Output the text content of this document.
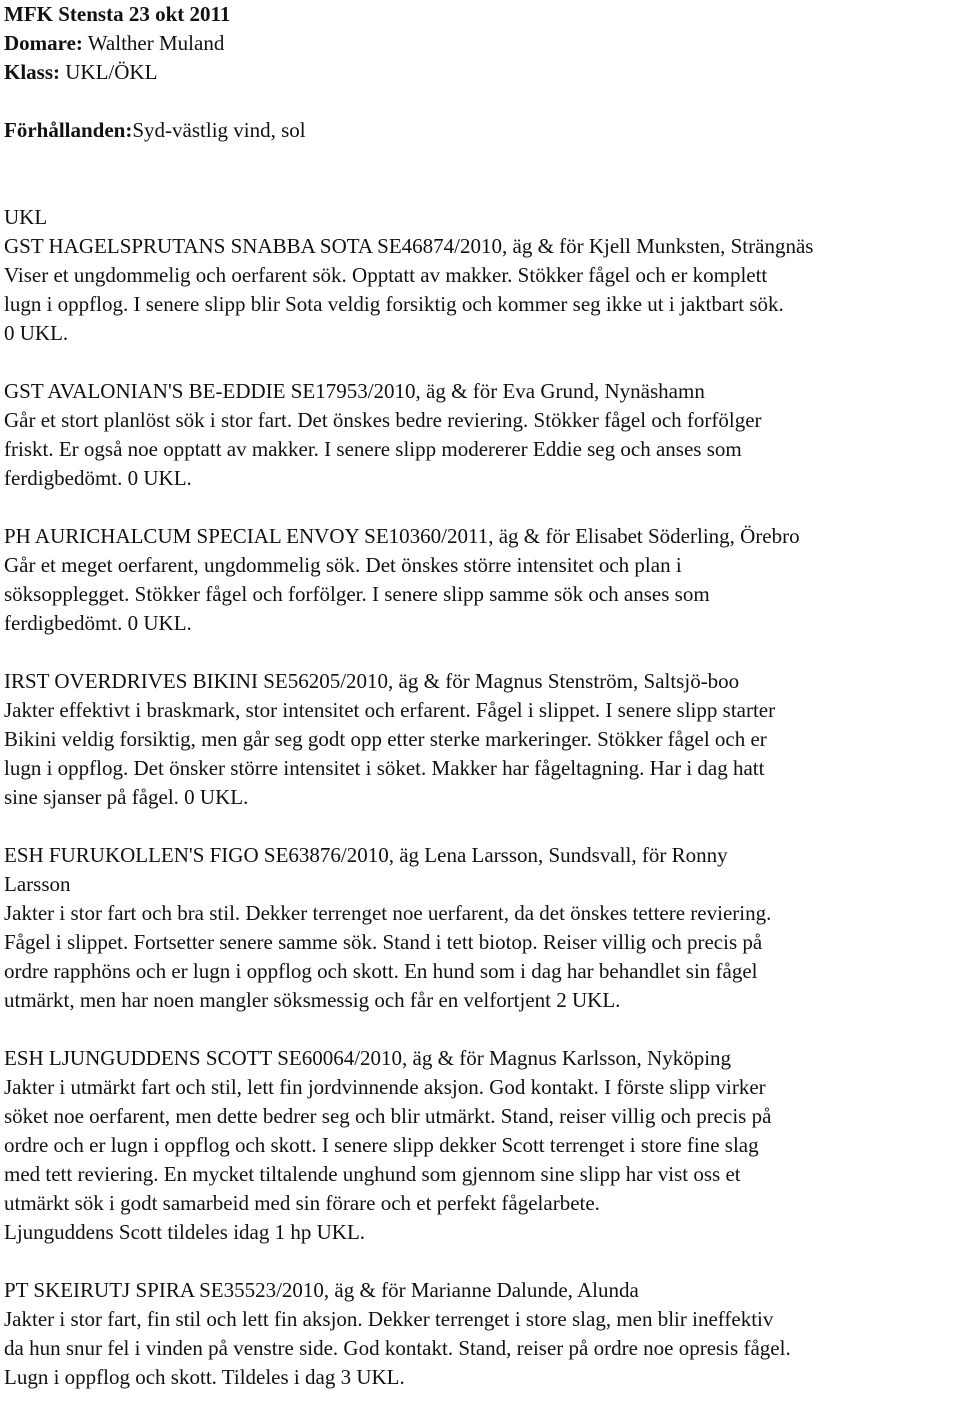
MFK Stensta 23 okt 2011

Domare: Walther Muland

Klass: UKL/ÖKL

Förhållanden:Syd-västlig vind, sol

UKL

GST HAGELSPRUTANS SNABBA SOTA SE46874/2010, äg & för Kjell Munksten, Strängnäs

Viser et ungdommelig och oerfarent sök. Opptatt av makker. Stökker fågel och er komplett

lugn i oppflog. I senere slipp blir Sota veldig forsiktig och kommer seg ikke ut i jaktbart sök.

0 UKL.

GST AVALONIAN'S BE-EDDIE SE17953/2010, äg & för Eva Grund, Nynäshamn

Går et stort planlöst sök i stor fart. Det önskes bedre reviering. Stökker fågel och forfölger

friskt. Er også noe opptatt av makker. I senere slipp modererer Eddie seg och anses som

ferdigbedömt. 0 UKL.

PH AURICHALCUM SPECIAL ENVOY SE10360/2011, äg & för Elisabet Söderling, Örebro

Går et meget oerfarent, ungdommelig sök. Det önskes större intensitet och plan i

söksopplegget. Stökker fågel och forfölger. I senere slipp samme sök och anses som

ferdigbedömt. 0 UKL.

IRST OVERDRIVES BIKINI SE56205/2010, äg & för Magnus Stenström, Saltsjö-boo

Jakter effektivt i braskmark, stor intensitet och erfarent. Fågel i slippet. I senere slipp starter

Bikini veldig forsiktig, men går seg godt opp etter sterke markeringer. Stökker fågel och er

lugn i oppflog. Det önsker större intensitet i söket. Makker har fågeltagning. Har i dag hatt

sine sjanser på fågel. 0 UKL.

ESH FURUKOLLEN'S FIGO SE63876/2010, äg Lena Larsson, Sundsvall, för Ronny

Larsson

Jakter i stor fart och bra stil. Dekker terrenget noe uerfarent, da det önskes tettere reviering.

Fågel i slippet. Fortsetter senere samme sök. Stand i tett biotop. Reiser villig och precis på

ordre rapphöns och er lugn i oppflog och skott. En hund som i dag har behandlet sin fågel

utmärkt, men har noen mangler söksmessig och får en velfortjent 2 UKL.

ESH LJUNGUDDENS SCOTT SE60064/2010, äg & för Magnus Karlsson, Nyköping

Jakter i utmärkt fart och stil, lett fin jordvinnende aksjon. God kontakt. I förste slipp virker

söket noe oerfarent, men dette bedrer seg och blir utmärkt. Stand, reiser villig och precis på

ordre och er lugn i oppflog och skott. I senere slipp dekker Scott terrenget i store fine slag

med tett reviering. En mycket tiltalende unghund som gjennom sine slipp har vist oss et

utmärkt sök i godt samarbeid med sin förare och et perfekt fågelarbete.

Ljunguddens Scott tildeles idag 1 hp UKL.

PT SKEIRUTJ SPIRA SE35523/2010, äg & för Marianne Dalunde, Alunda

Jakter i stor fart, fin stil och lett fin aksjon. Dekker terrenget i store slag, men blir ineffektiv

da hun snur fel i vinden på venstre side. God kontakt. Stand, reiser på ordre noe opresis fågel.

Lugn i oppflog och skott. Tildeles i dag 3 UKL.
